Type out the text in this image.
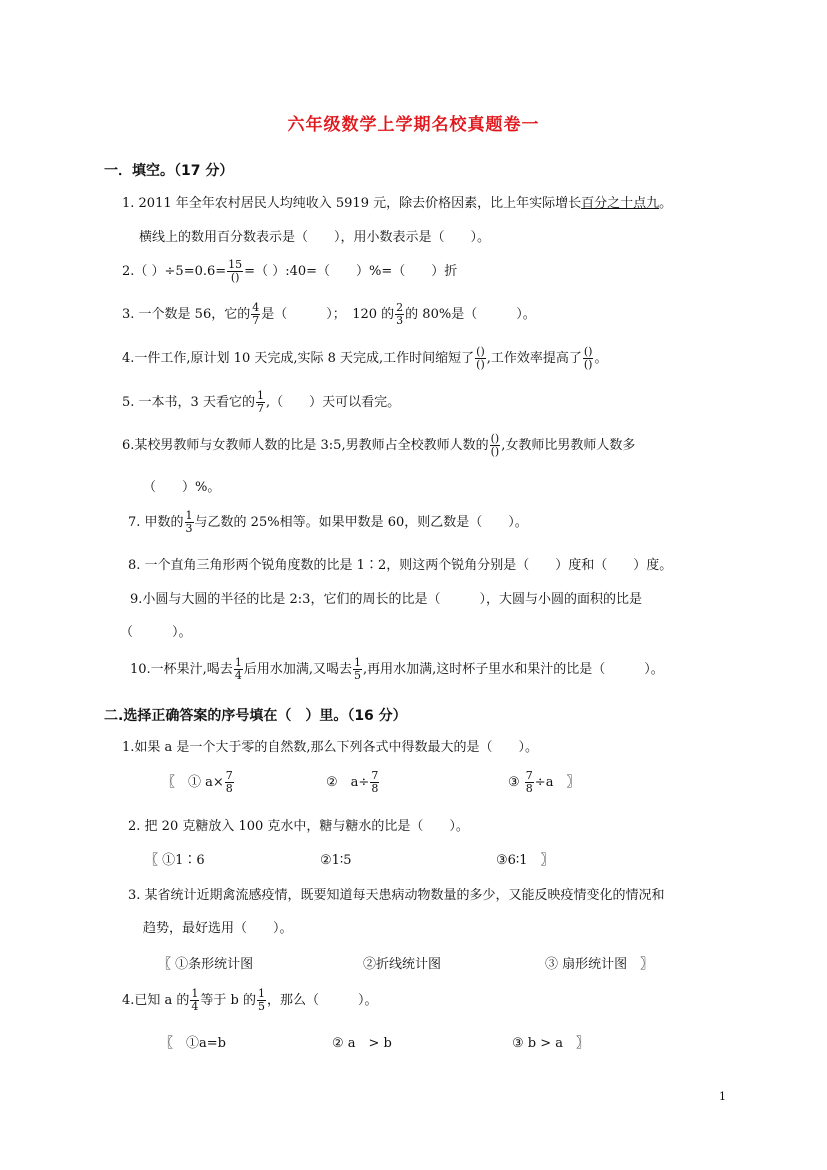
六年级数学上学期名校真题卷一
一．填空。（17 分）
1. 2011 年全年农村居民人均纯收入 5919 元，除去价格因素，比上年实际增长百分之十点九。
横线上的数用百分数表示是（　　），用小数表示是（　　）。
2.（ ）$\div 5=0.6= \frac{15}{()}$ =（ ）:40=（　　）%=（　　）折
3. 一个数是 56，它的 $\frac{4}{7}$ 是（　　　）；　120 的 $\frac{2}{3}$ 的 80%是（　　　）。
4.一件工作,原计划 10 天完成,实际 8 天完成,工作时间缩短了 $\frac{()}{()}$ ,工作效率提高了 $\frac{()}{()}$ 。
5. 一本书，3 天看它的 $\frac{1}{7}$ ,（　　）天可以看完。
6.某校男教师与女教师人数的比是 3:5,男教师占全校教师人数的 $\frac{()}{()}$ ,女教师比男教师人数多
（　　）%。
7. 甲数的 $\frac{1}{3}$ 与乙数的 25%相等。如果甲数是 60，则乙数是（　　）。
8. 一个直角三角形两个锐角度数的比是 1∶2，则这两个锐角分别是（　　）度和（　　）度。
9.小圆与大圆的半径的比是 2:3，它们的周长的比是（　　　），大圆与小圆的面积的比是
（　　　）。
10.一杯果汁,喝去 $\frac{1}{4}$ 后用水加满,又喝去 $\frac{1}{5}$ ,再用水加满,这时杯子里水和果汁的比是（　　　）。
二.选择正确答案的序号填在（　）里。（16 分）
1.如果 a 是一个大于零的自然数,那么下列各式中得数最大的是（　　）。
〖　① $a\times \frac{7}{8}$	②　$a\div \frac{7}{8}$	③ $\frac{7}{8} \div a$　〗
2. 把 20 克糖放入 100 克水中，糖与糖水的比是（　　）。
〖 ①1∶6	②1∶5	③6∶1　〗
3. 某省统计近期禽流感疫情，既要知道每天患病动物数量的多少，又能反映疫情变化的情况和
趋势，最好选用（　　）。
〖 ①条形统计图	②折线统计图	③ 扇形统计图　〗
4.已知 a 的 $\frac{1}{4}$ 等于 b 的 $\frac{1}{5}$ ，那么（　　　）。
〖　①a=b	② a　> b	③ b > a　〗
1
